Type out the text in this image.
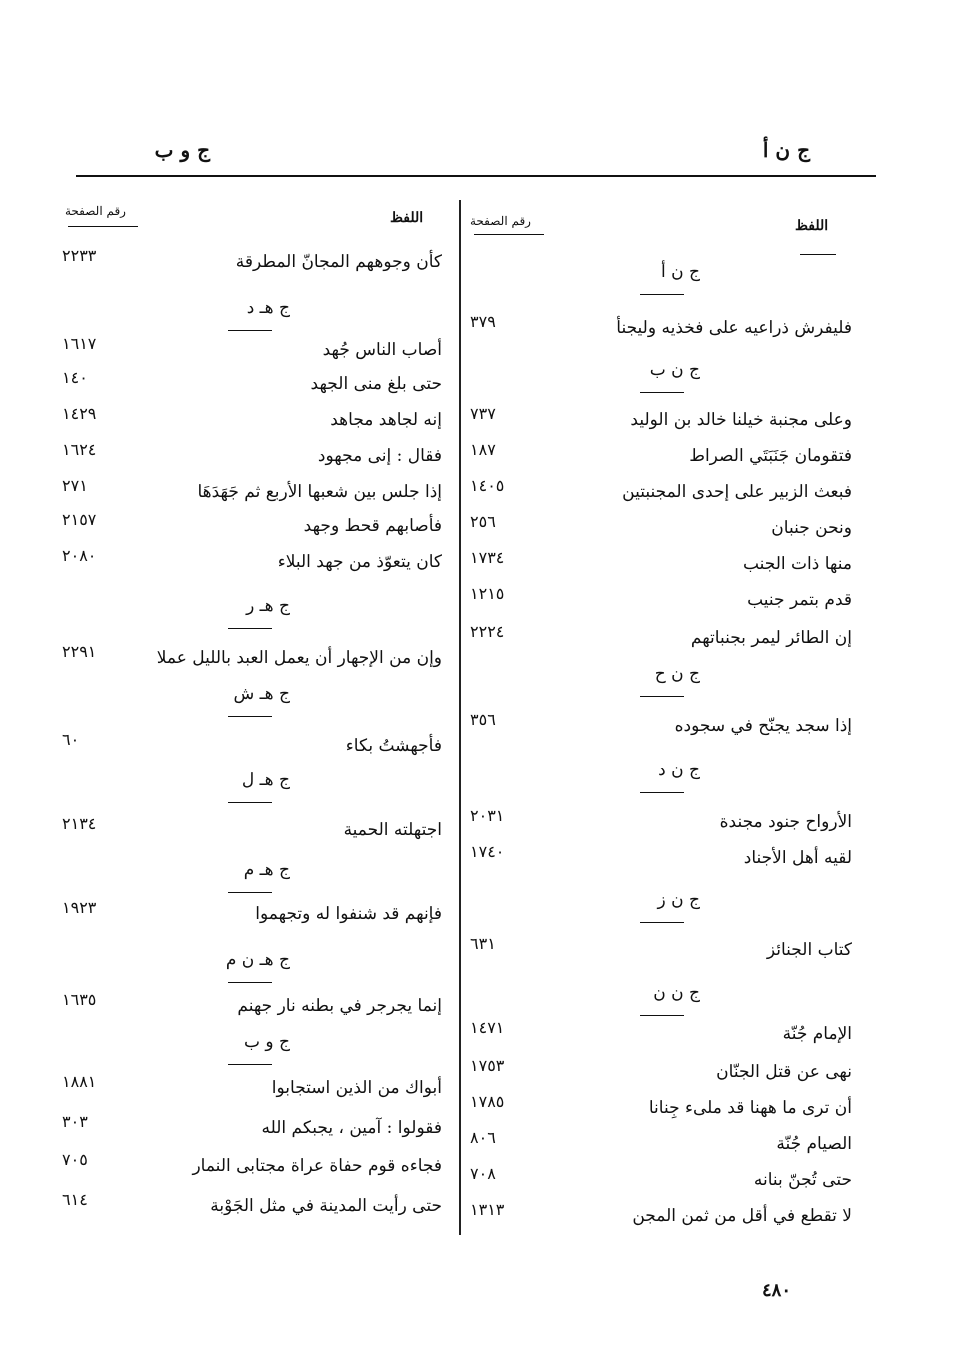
ج ن أ
ج و ب
اللفظ
رقم الصفحة
اللفظ
رقم الصفحة
ج ن أ
فليفرش ذراعيه على فخذيه وليجنأ
٣٧٩
ج ن ب
وعلى مجنبة خيلنا خالد بن الوليد
٧٣٧
فتقومان جَنَبَتَي الصراط
١٨٧
فبعث الزبير على إحدى المجنبتين
١٤٠٥
ونحن جنبان
٢٥٦
منها ذات الجنب
١٧٣٤
قدم بتمر جنيب
١٢١٥
إن الطائر ليمر بجنباتهم
٢٢٢٤
ج ن ح
إذا سجد يجنّح في سجوده
٣٥٦
ج ن د
الأرواح جنود مجندة
٢٠٣١
لقيه أهل الأجناد
١٧٤٠
ج ن ز
كتاب الجنائز
٦٣١
ج ن ن
الإمام جُنّة
١٤٧١
نهى عن قتل الجنّان
١٧٥٣
أن ترى ما ههنا قد ملىء جِنانا
١٧٨٥
الصيام جُنّة
٨٠٦
حتى تُجنّ بنانه
٧٠٨
لا تقطع في أقل من ثمن المجن
١٣١٣
كأن وجوههم المجانّ المطرقة
٢٢٣٣
ج هـ د
أصاب الناس جُهد
١٦١٧
حتى بلغ منى الجهد
١٤٠
إنه لجاهد مجاهد
١٤٢٩
فقال : إنى مجهود
١٦٢٤
إذا جلس بين شعبها الأربع ثم جَهَدَهَا
٢٧١
فأصابهم قحط وجهد
٢١٥٧
كان يتعوّذ من جهد البلاء
٢٠٨٠
ج هـ ر
وإن من الإجهار أن يعمل العبد بالليل عملا
٢٢٩١
ج هـ ش
فأجهشتُ بكاء
٦٠
ج هـ ل
اجتهلته الحمية
٢١٣٤
ج هـ م
فإنهم قد شنفوا له وتجهموا
١٩٢٣
ج هـ ن م
إنما يجرجر في بطنه نار جهنم
١٦٣٥
ج و ب
أبواك من الذين استجابوا
١٨٨١
فقولوا : آمين ، يجبكم الله
٣٠٣
فجاءه قوم حفاة عراة مجتابى النمار
٧٠٥
حتى رأيت المدينة في مثل الجَوْبة
٦١٤
٤٨٠
